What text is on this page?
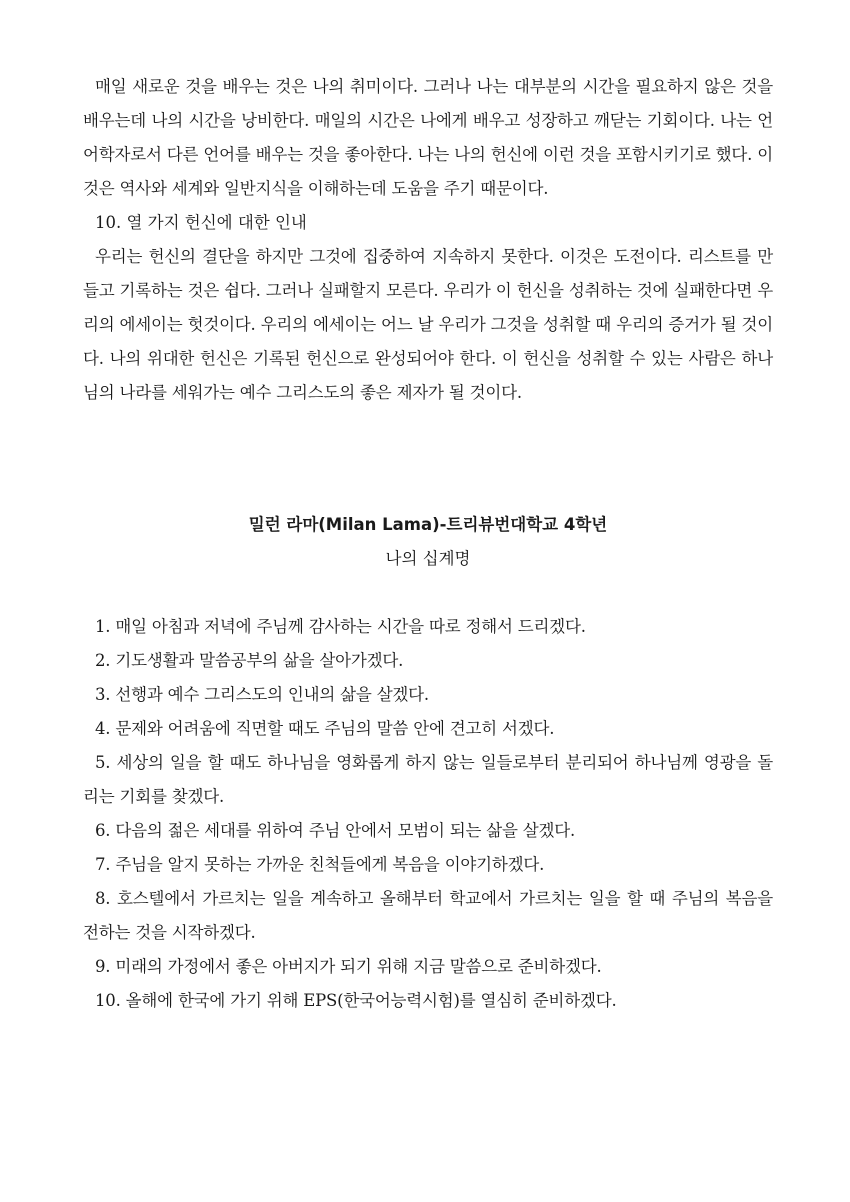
매일 새로운 것을 배우는 것은 나의 취미이다. 그러나 나는 대부분의 시간을 필요하지 않은 것을 배우는데 나의 시간을 낭비한다. 매일의 시간은 나에게 배우고 성장하고 깨닫는 기회이다. 나는 언어학자로서 다른 언어를 배우는 것을 좋아한다. 나는 나의 헌신에 이런 것을 포함시키기로 했다. 이것은 역사와 세계와 일반지식을 이해하는데 도움을 주기 때문이다.

10. 열 가지 헌신에 대한 인내

우리는 헌신의 결단을 하지만 그것에 집중하여 지속하지 못한다. 이것은 도전이다. 리스트를 만들고 기록하는 것은 쉽다. 그러나 실패할지 모른다. 우리가 이 헌신을 성취하는 것에 실패한다면 우리의 에세이는 헛것이다. 우리의 에세이는 어느 날 우리가 그것을 성취할 때 우리의 증거가 될 것이다. 나의 위대한 헌신은 기록된 헌신으로 완성되어야 한다. 이 헌신을 성취할 수 있는 사람은 하나님의 나라를 세워가는 예수 그리스도의 좋은 제자가 될 것이다.

밀런 라마(Milan Lama)-트리뷰번대학교 4학년

나의 십계명

1. 매일 아침과 저녁에 주님께 감사하는 시간을 따로 정해서 드리겠다.

2. 기도생활과 말씀공부의 삶을 살아가겠다.

3. 선행과 예수 그리스도의 인내의 삶을 살겠다.

4. 문제와 어려움에 직면할 때도 주님의 말씀 안에 견고히 서겠다.

5. 세상의 일을 할 때도 하나님을 영화롭게 하지 않는 일들로부터 분리되어 하나님께 영광을 돌리는 기회를 찾겠다.

6. 다음의 젊은 세대를 위하여 주님 안에서 모범이 되는 삶을 살겠다.

7. 주님을 알지 못하는 가까운 친척들에게 복음을 이야기하겠다.

8. 호스텔에서 가르치는 일을 계속하고 올해부터 학교에서 가르치는 일을 할 때 주님의 복음을 전하는 것을 시작하겠다.

9. 미래의 가정에서 좋은 아버지가 되기 위해 지금 말씀으로 준비하겠다.

10. 올해에 한국에 가기 위해 EPS(한국어능력시험)를 열심히 준비하겠다.
